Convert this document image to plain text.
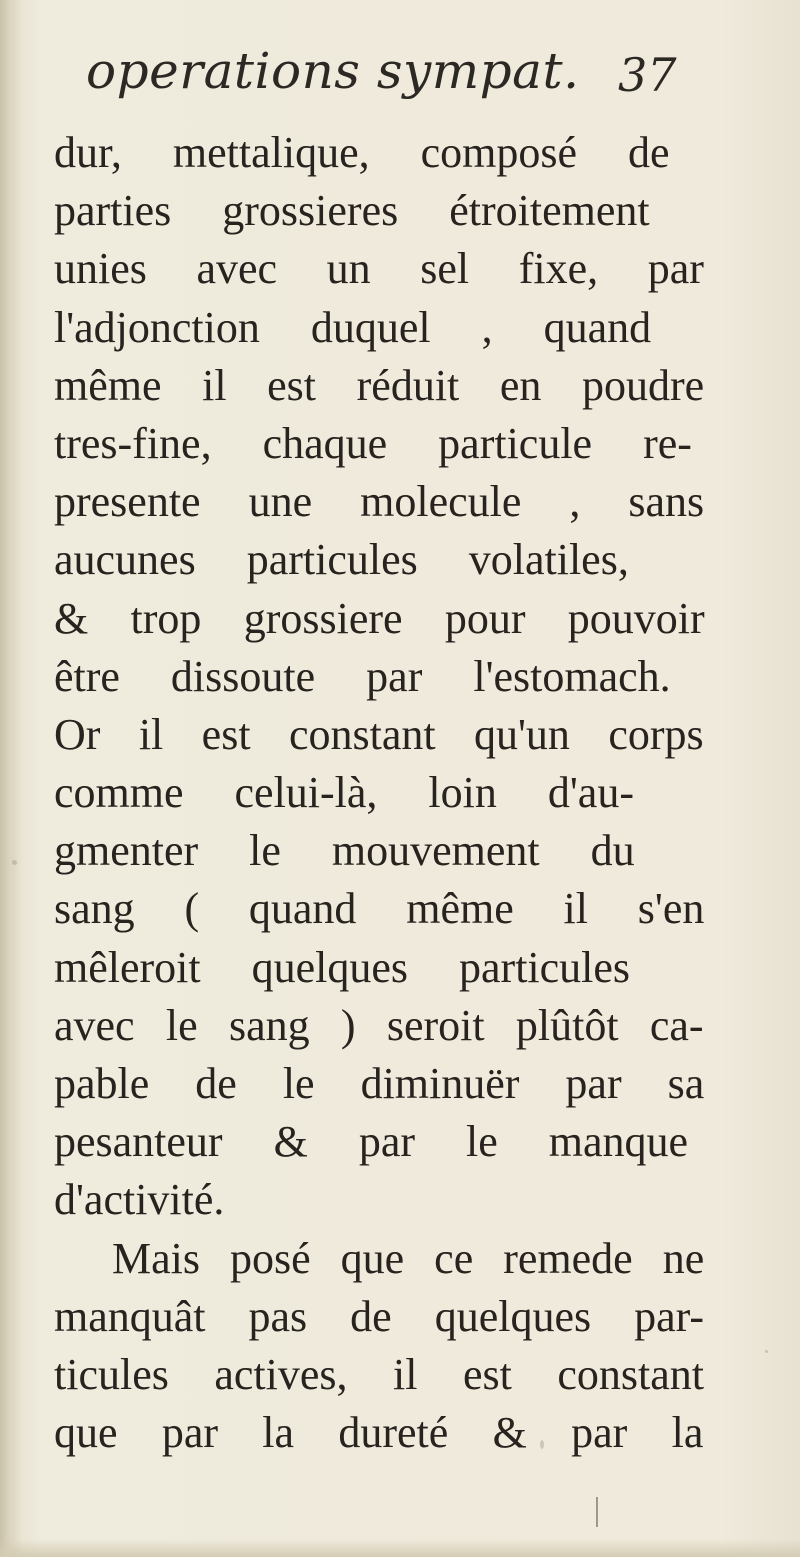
operations sympat. 37
dur, mettalique, composé de
parties grossieres étroitement
unies avec un sel fixe, par
l'adjonction duquel , quand
même il est réduit en poudre
tres-fine, chaque particule re-
presente une molecule , sans
aucunes particules volatiles,
& trop grossiere pour pouvoir
être dissoute par l'estomach.
Or il est constant qu'un corps
comme celui-là, loin d'au-
gmenter le mouvement du
sang ( quand même il s'en
mêleroit quelques particules
avec le sang ) seroit plûtôt ca-
pable de le diminuër par sa
pesanteur & par le manque
d'activité.
Mais posé que ce remede ne
manquât pas de quelques par-
ticules actives, il est constant
que par la dureté & par la
